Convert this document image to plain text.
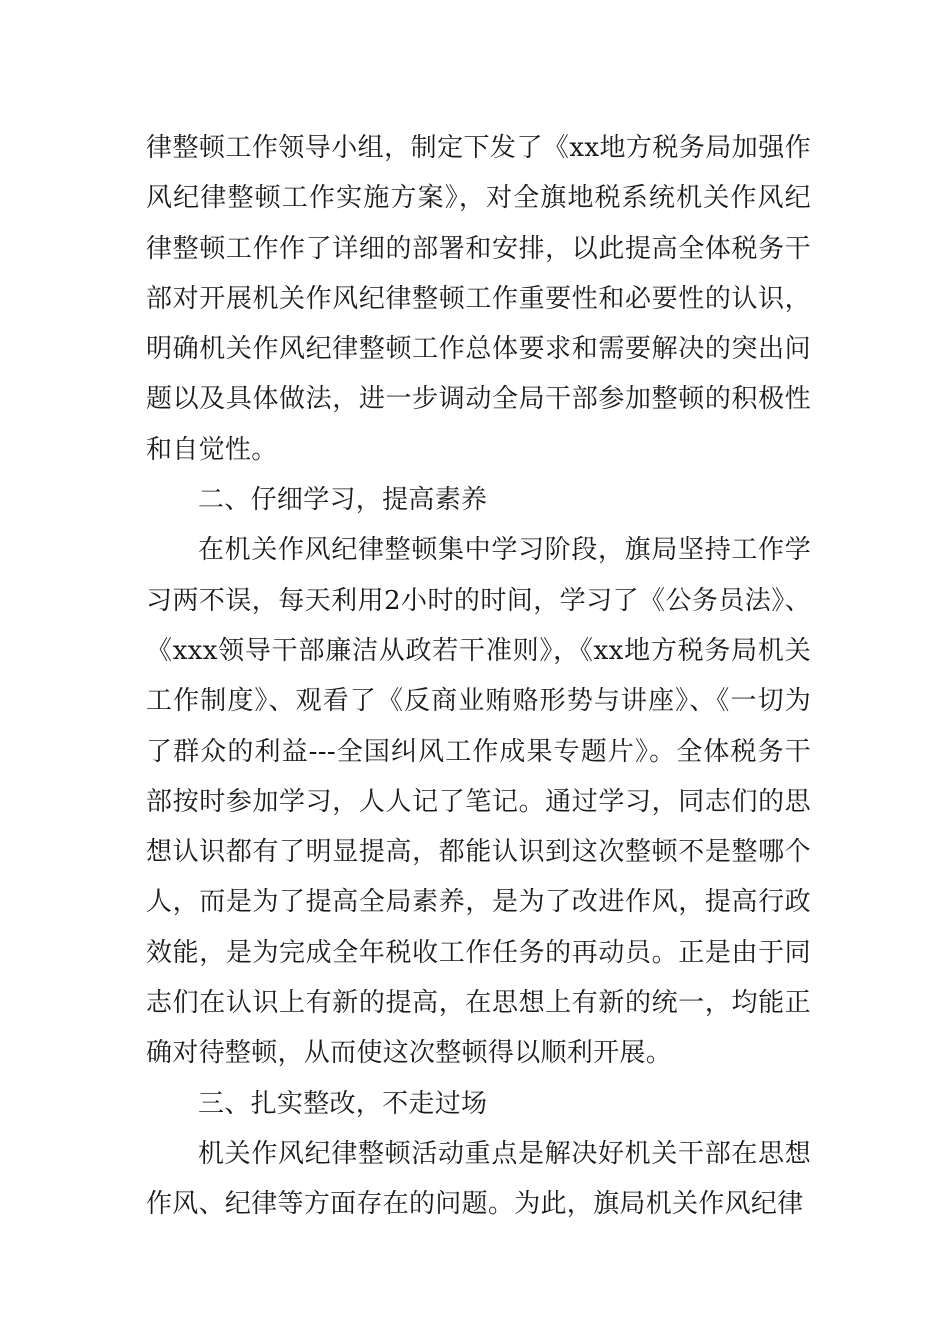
律整顿工作领导小组，制定下发了《xx地方税务局加强作风纪律整顿工作实施方案》，对全旗地税系统机关作风纪律整顿工作作了详细的部署和安排，以此提高全体税务干部对开展机关作风纪律整顿工作重要性和必要性的认识，明确机关作风纪律整顿工作总体要求和需要解决的突出问题以及具体做法，进一步调动全局干部参加整顿的积极性和自觉性。

二、仔细学习，提高素养

在机关作风纪律整顿集中学习阶段，旗局坚持工作学习两不误，每天利用2小时的时间，学习了《公务员法》、《xxx领导干部廉洁从政若干准则》，《xx地方税务局机关工作制度》、观看了《反商业贿赂形势与讲座》、《一切为了群众的利益---全国纠风工作成果专题片》。全体税务干部按时参加学习，人人记了笔记。通过学习，同志们的思想认识都有了明显提高，都能认识到这次整顿不是整哪个人，而是为了提高全局素养，是为了改进作风，提高行政效能，是为完成全年税收工作任务的再动员。正是由于同志们在认识上有新的提高，在思想上有新的统一，均能正确对待整顿，从而使这次整顿得以顺利开展。

三、扎实整改，不走过场

机关作风纪律整顿活动重点是解决好机关干部在思想作风、纪律等方面存在的问题。为此，旗局机关作风纪律
